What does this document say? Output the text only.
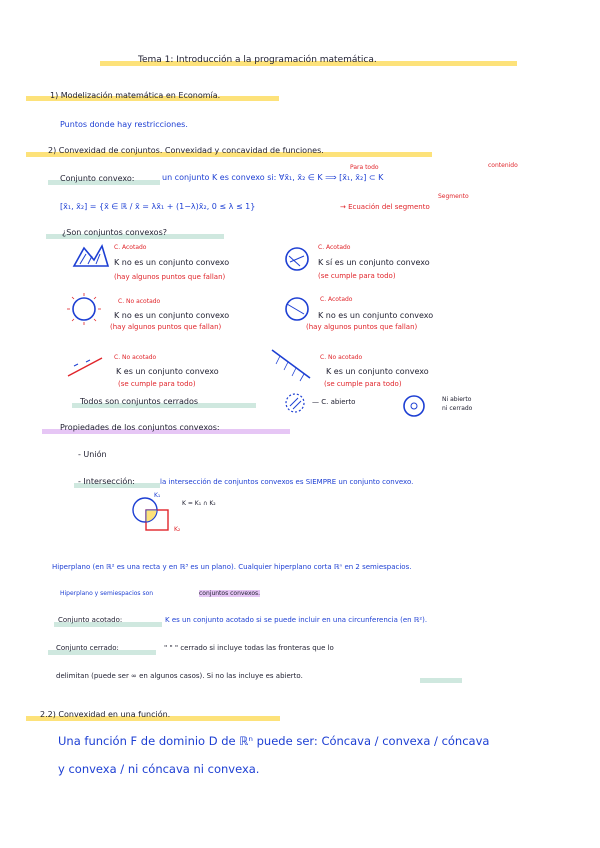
Tema 1: Introducción a la programación matemática.
1) Modelización matemática en Economía.
Puntos donde hay restricciones.
2) Convexidad de conjuntos. Convexidad y concavidad de funciones.
Para todo	contenido
Conjunto convexo:	un conjunto K es convexo si: ∀x̄₁, x̄₂ ∈ K ⟹ [x̄₁, x̄₂] ⊂ K
Segmento
[x̄₁, x̄₂] = {x̄ ∈ ℝ / x̄ = λx̄₁ + (1−λ)x̄₂, 0 ≤ λ ≤ 1}	→ Ecuación del segmento
¿Son conjuntos convexos?
C. Acotado
K no es un conjunto convexo
(hay algunos puntos que fallan)
C. Acotado
K sí es un conjunto convexo
(se cumple para todo)
C. No acotado
K no es un conjunto convexo
(hay algunos puntos que fallan)
C. Acotado
K no es un conjunto convexo
(hay algunos puntos que fallan)
C. No acotado
K es un conjunto convexo
(se cumple para todo)
C. No acotado
K es un conjunto convexo
(se cumple para todo)
Todos son conjuntos cerrados	— C. abierto	Ni abierto
ni cerrado
Propiedades de los conjuntos convexos:
- Unión
- Intersección:	la intersección de conjuntos convexos es SIEMPRE un conjunto convexo.
K₁
K₂
K = K₁ ∩ K₂
Hiperplano (en ℝ² es una recta y en ℝ³ es un plano). Cualquier hiperplano corta ℝⁿ en 2 semiespacios.
Hiperplano y semiespacios son	conjuntos convexos.
Conjunto acotado:	K es un conjunto acotado si se puede incluir en una circunferencia (en ℝ²).
Conjunto cerrado:	" " " cerrado si incluye todas las fronteras que lo
delimitan (puede ser ∞ en algunos casos). Si no las incluye es abierto.
2.2) Convexidad en una función.
Una función F de dominio D de ℝⁿ puede ser: Cóncava / convexa / cóncava
y convexa / ni cóncava ni convexa.
